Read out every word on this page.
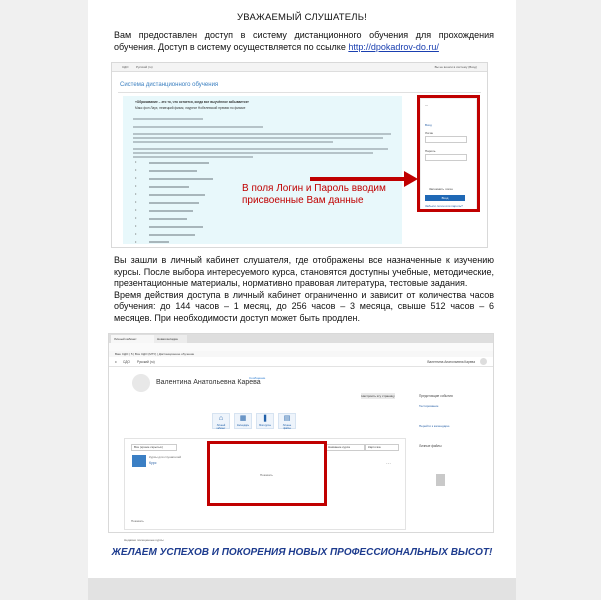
УВАЖАЕМЫЙ СЛУШАТЕЛЬ!
Вам предоставлен доступ в систему дистанционного обучения для прохождения обучения. Доступ в систему осуществляется по ссылке http://dpokadrov-do.ru/
СДО	Русский (ru)	Вы не вошли в систему (Вход)
Система дистанционного обучения
«Образование – это то, что остается, когда все выучённое забывается»
Макс фон Лауэ, немецкий физик, лауреат Нобелевской премии по физике
•
•
•
•
•
•
•
•
•
•
•
—
Вход
Логин
Пароль
Запомнить логин
Вход
Забыли логин или пароль?
В поля Логин и Пароль вводим присвоенные Вам данные
Вы зашли в личный кабинет слушателя, где отображены все назначенные к изучению курсы. После выбора интересуемого курса, становятся доступны учебные, методические, презентационные материалы, нормативно правовая литература, тестовые задания.
Время действия доступа в личный кабинет ограниченно и зависит от количества часов обучения: до 144 часов – 1 месяц, до 256 часов – 3 месяца, свыше 512 часов – 6 месяцев. При необходимости доступ может быть продлен.
Личный кабинет	Новая вкладка
Ваш СДО | 5 | Все СДО (МГУ) | Дистанционное обучение
≡ СДО Русский (ru)	Валентина Анатольевна Карева
Валентина Анатольевна Карева
Сообщение
Настроить эту страницу
⌂
Личный кабинет
▦
Календарь
❚
Мои курсы
▤
Личные файлы
Все (кроме скрытых)	Название курса	Карточка
Курсы для слушателей
Курс	⋯
Показать
Показать
Недавно посещенные курсы
Предстоящие события
Тестирование
Перейти к календарю
Личные файлы
ЖЕЛАЕМ УСПЕХОВ И ПОКОРЕНИЯ НОВЫХ ПРОФЕССИОНАЛЬНЫХ ВЫСОТ!
